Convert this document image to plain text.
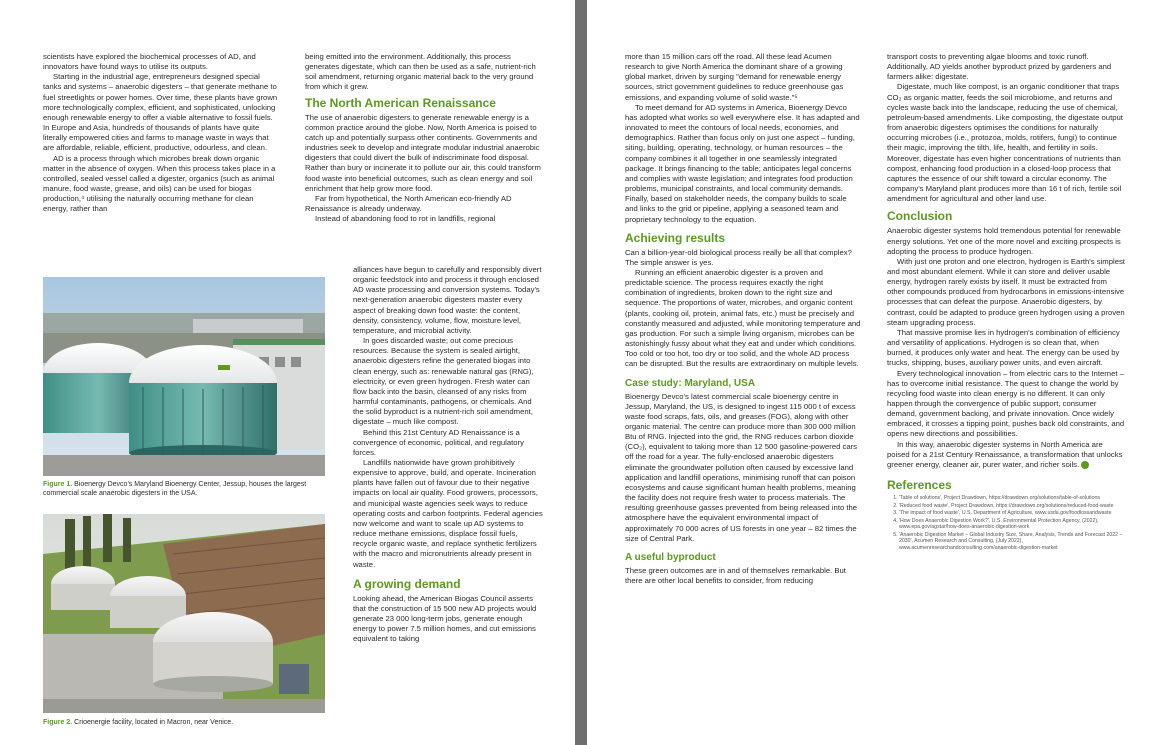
scientists have explored the biochemical processes of AD, and innovators have found ways to utilise its outputs.

Starting in the industrial age, entrepreneurs designed special tanks and systems – anaerobic digesters – that generate methane to fuel streetlights or power homes. Over time, these plants have grown more technologically complex, efficient, and sophisticated, unlocking enough renewable energy to offer a viable alternative to fossil fuels. In Europe and Asia, hundreds of thousands of plants have quite literally empowered cities and farms to manage waste in ways that are affordable, reliable, efficient, productive, odourless, and clean.

AD is a process through which microbes break down organic matter in the absence of oxygen. When this process takes place in a controlled, sealed vessel called a digester, organics (such as animal manure, food waste, grease, and oils) can be used for biogas production,⁴ utilising the naturally occurring methane for clean energy, rather than

Figure 1. Bioenergy Devco's Maryland Bioenergy Center, Jessup, houses the largest commercial scale anaerobic digesters in the USA.
Figure 2. Crioenergie facility, located in Macron, near Venice.

being emitted into the environment. Additionally, this process generates digestate, which can then be used as a safe, nutrient-rich soil amendment, returning organic material back to the very ground from which it grew.

The North American Renaissance

The use of anaerobic digesters to generate renewable energy is a common practice around the globe. Now, North America is poised to catch up and potentially surpass other continents. Governments and industries seek to develop and integrate modular industrial anaerobic digesters that could divert the bulk of indiscriminate food disposal. Rather than bury or incinerate it to pollute our air, this could transform food waste into beneficial outcomes, such as clean energy and soil enrichment that help grow more food.

Far from hypothetical, the North American eco-friendly AD Renaissance is already underway.

Instead of abandoning food to rot in landfills, regional

alliances have begun to carefully and responsibly divert organic feedstock into and process it through enclosed AD waste processing and conversion systems. Today's next-generation anaerobic digesters master every aspect of breaking down food waste: the content, density, consistency, volume, flow, moisture level, temperature, and microbial activity.

In goes discarded waste; out come precious resources. Because the system is sealed airtight, anaerobic digesters refine the generated biogas into clean energy, such as: renewable natural gas (RNG), electricity, or even green hydrogen. Fresh water can flow back into the basin, cleansed of any risks from harmful contaminants, pathogens, or chemicals. And the solid byproduct is a nutrient-rich soil amendment, digestate – much like compost.

Behind this 21st Century AD Renaissance is a convergence of economic, political, and regulatory forces.

Landfills nationwide have grown prohibitively expensive to approve, build, and operate. Incineration plants have fallen out of favour due to their negative impacts on local air quality. Food growers, processors, and municipal waste agencies seek ways to reduce operating costs and carbon footprints. Federal agencies now welcome and want to scale up AD systems to reduce methane emissions, displace fossil fuels, recycle organic waste, and replace synthetic fertilizers with the macro and micronutrients already present in waste.

A growing demand

Looking ahead, the American Biogas Council asserts that the construction of 15 500 new AD projects would generate 23 000 long-term jobs, generate enough energy to power 7.5 million homes, and cut emissions equivalent to taking

more than 15 million cars off the road. All these lead Acumen research to give North America the dominant share of a growing global market, driven by surging "demand for renewable energy sources, strict government guidelines to reduce greenhouse gas emissions, and expanding volume of solid waste."⁵

To meet demand for AD systems in America, Bioenergy Devco has adopted what works so well everywhere else. It has adapted and innovated to meet the contours of local needs, economies, and demographics. Rather than focus only on just one aspect – funding, siting, building, operating, technology, or human resources – the company combines it all together in one seamlessly integrated package. It brings financing to the table; anticipates legal concerns and complies with waste legislation; and integrates food production problems, municipal constraints, and local community demands. Finally, based on stakeholder needs, the company builds to scale and links to the grid or pipeline, applying a seasoned team and proprietary technology to the equation.

Achieving results

Can a billion-year-old biological process really be all that complex? The simple answer is yes.

Running an efficient anaerobic digester is a proven and predictable science. The process requires exactly the right combination of ingredients, broken down to the right size and sequence. The proportions of water, microbes, and organic content (plants, cooking oil, protein, animal fats, etc.) must be precisely and constantly measured and adjusted, while monitoring temperature and gas production. For such a simple living organism, microbes can be astonishingly fussy about what they eat and under which conditions. Too cold or too hot, too dry or too solid, and the whole AD process can be disrupted. But the results are extraordinary on multiple levels.

Case study: Maryland, USA

Bioenergy Devco's latest commercial scale bioenergy centre in Jessup, Maryland, the US, is designed to ingest 115 000 t of excess waste food scraps, fats, oils, and greases (FOG), along with other organic material. The centre can produce more than 300 000 million Btu of RNG. Injected into the grid, the RNG reduces carbon dioxide (CO₂), equivalent to taking more than 12 500 gasoline-powered cars off the road for a year. The fully-enclosed anaerobic digesters eliminate the groundwater pollution often caused by excessive land application and landfill operations, minimising runoff that can poison ecosystems and cause significant human health problems, meaning the facility does not require fresh water to process materials. The resulting greenhouse gasses prevented from being released into the atmosphere have the equivalent environmental impact of approximately 70 000 acres of US forests in one year – 82 times the size of Central Park.

A useful byproduct

These green outcomes are in and of themselves remarkable. But there are other local benefits to consider, from reducing

transport costs to preventing algae blooms and toxic runoff. Additionally, AD yields another byproduct prized by gardeners and farmers alike: digestate.

Digestate, much like compost, is an organic conditioner that traps CO₂ as organic matter, feeds the soil microbiome, and returns and cycles waste back into the landscape, reducing the use of chemical, petroleum-based amendments. Like composting, the digestate output from anaerobic digesters optimises the conditions for naturally occurring microbes (i.e., protozoa, molds, rotifers, fungi) to continue their magic, improving the tilth, life, health, and fertility in soils. Moreover, digestate has even higher concentrations of nutrients than compost, enhancing food production in a closed-loop process that captures the essence of our shift toward a circular economy. The company's Maryland plant produces more than 16 t of rich, fertile soil amendment for agricultural and other land use.

Conclusion

Anaerobic digester systems hold tremendous potential for renewable energy solutions. Yet one of the more novel and exciting prospects is adopting the process to produce hydrogen.

With just one proton and one electron, hydrogen is Earth's simplest and most abundant element. While it can store and deliver usable energy, hydrogen rarely exists by itself. It must be extracted from other compounds produced from hydrocarbons in emissions-intensive processes that can defeat the purpose. Anaerobic digesters, by contrast, could be adapted to produce green hydrogen using a proven steam upgrading process.

That massive promise lies in hydrogen's combination of efficiency and versatility of applications. Hydrogen is so clean that, when burned, it produces only water and heat. The energy can be used by trucks, shipping, buses, auxiliary power units, and even aircraft.

Every technological innovation – from electric cars to the Internet – has to overcome initial resistance. The quest to change the world by recycling food waste into clean energy is no different. It can only happen through the convergence of public support, consumer demand, government backing, and private innovation. Once widely embraced, it crosses a tipping point, pushes back old constraints, and opens new directions and possibilities.

In this way, anaerobic digester systems in North America are poised for a 21st Century Renaissance, a transformation that unlocks greener energy, cleaner air, purer water, and richer soils. ✿

References
1. 'Table of solutions', Project Drawdown, https://drawdown.org/solutions/table-of-solutions
2. 'Reduced food waste', Project Drawdown, https://drawdown.org/solutions/reduced-food-waste
3. 'The impact of food waste', U.S. Department of Agriculture, www.usda.gov/foodlossandwaste
4. 'How Does Anaerobic Digestion Work?', U.S. Environmental Protection Agency, (2022), www.epa.gov/agstar/how-does-anaerobic-digestion-work
5. 'Anaerobic Digestion Market – Global Industry Size, Share, Analysis, Trends and Forecast 2022 – 2030', Acumen Research and Consulting, (July 2022), www.acumenresearchandconsulting.com/anaerobic-digestion-market
